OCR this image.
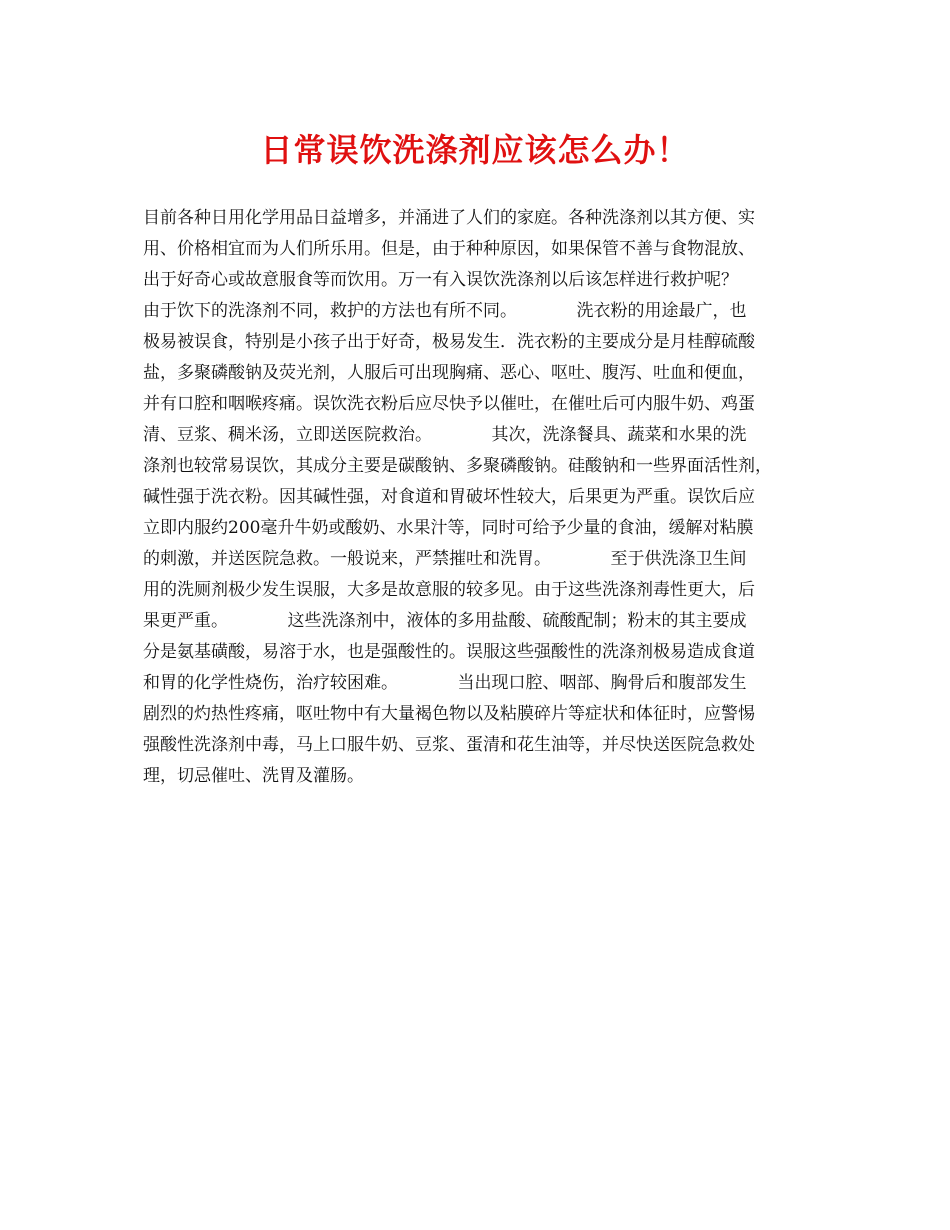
日常误饮洗涤剂应该怎么办！
目前各种日用化学用品日益增多，并涌进了人们的家庭。各种洗涤剂以其方便、实
用、价格相宜而为人们所乐用。但是，由于种种原因，如果保管不善与食物混放、
出于好奇心或故意服食等而饮用。万一有入误饮洗涤剂以后该怎样进行救护呢？
由于饮下的洗涤剂不同，救护的方法也有所不同。　　　　洗衣粉的用途最广，也
极易被误食，特别是小孩子出于好奇，极易发生．洗衣粉的主要成分是月桂醇硫酸
盐，多聚磷酸钠及荧光剂，人服后可出现胸痛、恶心、呕吐、腹泻、吐血和便血，
并有口腔和咽喉疼痛。误饮洗衣粉后应尽快予以催吐，在催吐后可内服牛奶、鸡蛋
清、豆浆、稠米汤，立即送医院救治。　　　　其次，洗涤餐具、蔬菜和水果的洗
涤剂也较常易误饮，其成分主要是碳酸钠、多聚磷酸钠。硅酸钠和一些界面活性剂，
碱性强于洗衣粉。因其碱性强，对食道和胃破坏性较大，后果更为严重。误饮后应
立即内服约200毫升牛奶或酸奶、水果汁等，同时可给予少量的食油，缓解对粘膜
的刺激，并送医院急救。一般说来，严禁摧吐和洗胃。　　　　至于供洗涤卫生间
用的洗厕剂极少发生误服，大多是故意服的较多见。由于这些洗涤剂毒性更大，后
果更严重。　　　　这些洗涤剂中，液体的多用盐酸、硫酸配制；粉末的其主要成
分是氨基磺酸，易溶于水，也是强酸性的。误服这些强酸性的洗涤剂极易造成食道
和胃的化学性烧伤，治疗较困难。　　　　当出现口腔、咽部、胸骨后和腹部发生
剧烈的灼热性疼痛，呕吐物中有大量褐色物以及粘膜碎片等症状和体征时，应警惕
强酸性洗涤剂中毒，马上口服牛奶、豆浆、蛋清和花生油等，并尽快送医院急救处
理，切忌催吐、洗胃及灌肠。
